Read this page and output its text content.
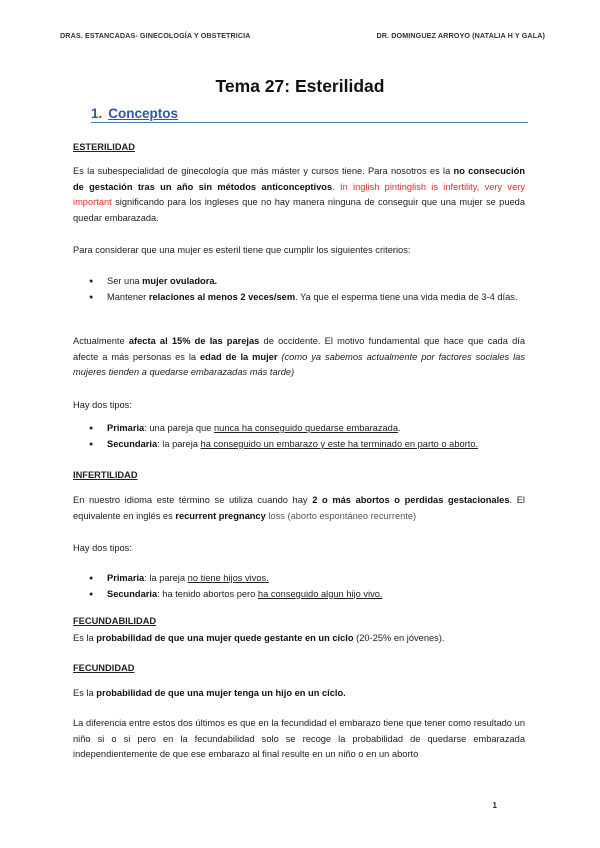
DRAS. ESTANCADAS- GINECOLOGÍA Y OBSTETRICIA	DR. DOMINGUEZ ARROYO (NATALIA H Y GALA)
Tema 27: Esterilidad
1. Conceptos
ESTERILIDAD

Es la subespecialidad de ginecología que más máster y cursos tiene. Para nosotros es la no consecución de gestación tras un año sin métodos anticonceptivos. In inglish pintinglish is infertility, very very important significando para los ingleses que no hay manera ninguna de conseguir que una mujer se pueda quedar embarazada.

Para considerar que una mujer es esteril tiene que cumplir los siguientes criterios:

● Ser una mujer ovuladora.
● Mantener relaciones al menos 2 veces/sem. Ya que el esperma tiene una vida media de 3-4 días.

Actualmente afecta al 15% de las parejas de occidente. El motivo fundamental que hace que cada día afecte a más personas es la edad de la mujer (como ya sabemos actualmente por factores sociales las mujeres tienden a quedarse embarazadas más tarde)

Hay dos tipos:

● Primaria: una pareja que nunca ha conseguido quedarse embarazada.
● Secundaria: la pareja ha conseguido un embarazo y este ha terminado en parto o aborto.
INFERTILIDAD

En nuestro idioma este término se utiliza cuando hay 2 o más abortos o perdidas gestacionales. El equivalente en inglés es recurrent pregnancy loss (aborto espontáneo recurrente)

Hay dos tipos:

● Primaria: la pareja no tiene hijos vivos.
● Secundaria: ha tenido abortos pero ha conseguido algun hijo vivo.
FECUNDABILIDAD

Es la probabilidad de que una mujer quede gestante en un ciclo (20-25% en jóvenes).

FECUNDIDAD

Es la probabilidad de que una mujer tenga un hijo en un ciclo.

La diferencia entre estos dos últimos es que en la fecundidad el embarazo tiene que tener como resultado un niño si o si pero en la fecundabilidad solo se recoge la probabilidad de quedarse embarazada independientemente de que ese embarazo al final resulte en un niño o en un aborto

1
